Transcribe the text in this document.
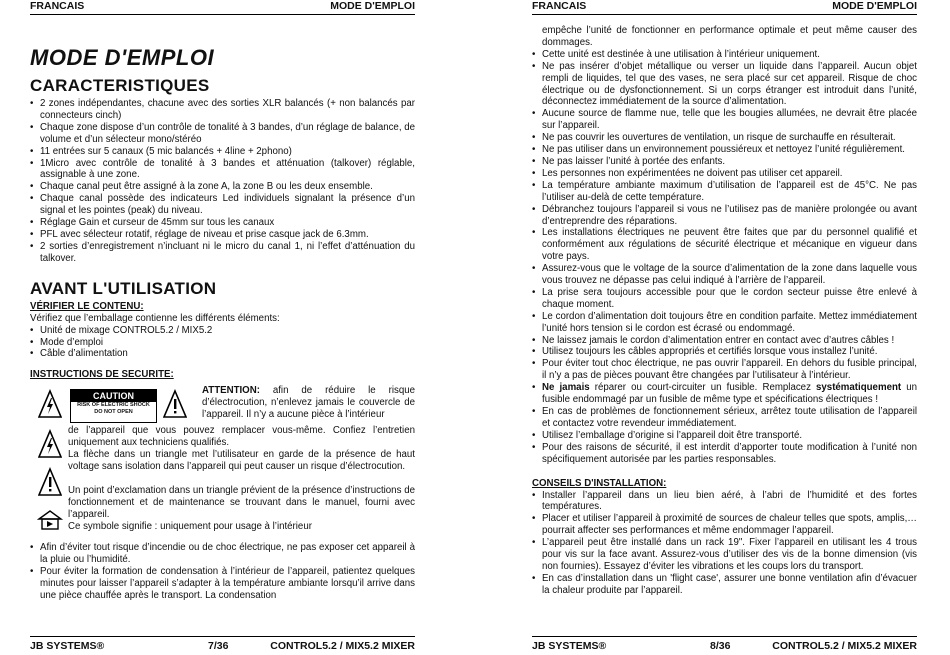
FRANCAIS	MODE D'EMPLOI
MODE D'EMPLOI
CARACTERISTIQUES
• 2 zones indépendantes, chacune avec des sorties XLR balancés (+ non balancés par connecteurs cinch)
• Chaque zone dispose d’un contrôle de tonalité à 3 bandes, d’un réglage de balance, de volume et d’un sélecteur mono/stéréo
• 11 entrées sur 5 canaux (5 mic balancés + 4line + 2phono)
• 1Micro avec contrôle de tonalité à 3 bandes et atténuation (talkover) réglable, assignable à une zone.
• Chaque canal peut être assigné à la zone A, la zone B ou les deux ensemble.
• Chaque canal possède des indicateurs Led individuels signalant la présence d’un signal et les pointes (peak) du niveau.
• Réglage Gain et curseur de 45mm sur tous les canaux
• PFL avec sélecteur rotatif, réglage de niveau et prise casque jack de 6.3mm.
• 2 sorties d’enregistrement n’incluant ni le micro du canal 1, ni l’effet d’atténuation du talkover.
AVANT L'UTILISATION
VÉRIFIER LE CONTENU:

Vérifiez que l’emballage contienne les différents éléments:

• Unité de mixage CONTROL5.2 / MIX5.2
• Mode d’emploi
• Câble d’alimentation
INSTRUCTIONS DE SECURITE:
CAUTION
RISK OF ELECTRIC SHOCK
DO NOT OPEN
ATTENTION: afin de réduire le risque d’électrocution, n’enlevez jamais le couvercle de l’appareil. Il n’y a aucune pièce à l’intérieur
de l’appareil que vous pouvez remplacer vous-même. Confiez l’entretien uniquement aux techniciens qualifiés.
La flèche dans un triangle met l’utilisateur en garde de la présence de haut voltage sans isolation dans l’appareil qui peut causer un risque d’électrocution.
Un point d’exclamation dans un triangle prévient de la présence d’instructions de fonctionnement et de maintenance se trouvant dans le manuel, fourni avec l’appareil.
Ce symbole signifie : uniquement pour usage à l’intérieur
• Afin d’éviter tout risque d’incendie ou de choc électrique, ne pas exposer cet appareil à la pluie ou l’humidité.
• Pour éviter la formation de condensation à l’intérieur de l’appareil, patientez quelques minutes pour laisser l’appareil s’adapter à la température ambiante lorsqu’il arrive dans une pièce chauffée après le transport. La condensation
JB SYSTEMS®	7/36	CONTROL5.2 / MIX5.2 MIXER
FRANCAIS	MODE D'EMPLOI

empêche l’unité de fonctionner en performance optimale et peut même causer des dommages.

• Cette unité est destinée à une utilisation à l’intérieur uniquement.
• Ne pas insérer d’objet métallique ou verser un liquide dans l’appareil. Aucun objet rempli de liquides, tel que des vases, ne sera placé sur cet appareil. Risque de choc électrique ou de dysfonctionnement. Si un corps étranger est introduit dans l’unité, déconnectez immédiatement de la source d’alimentation.
• Aucune source de flamme nue, telle que les bougies allumées, ne devrait être placée sur l’appareil.
• Ne pas couvrir les ouvertures de ventilation, un risque de surchauffe en résulterait.
• Ne pas utiliser dans un environnement poussiéreux et nettoyez l’unité régulièrement.
• Ne pas laisser l’unité à portée des enfants.
• Les personnes non expérimentées ne doivent pas utiliser cet appareil.
• La température ambiante maximum d’utilisation de l’appareil est de 45°C. Ne pas l’utiliser au-delà de cette température.
• Débranchez toujours l’appareil si vous ne l’utilisez pas de manière prolongée ou avant d’entreprendre des réparations.
• Les installations électriques ne peuvent être faites que par du personnel qualifié et conformément aux régulations de sécurité électrique et mécanique en vigueur dans votre pays.
• Assurez-vous que le voltage de la source d’alimentation de la zone dans laquelle vous vous trouvez ne dépasse pas celui indiqué à l’arrière de l’appareil.
• La prise sera toujours accessible pour que le cordon secteur puisse être enlevé à chaque moment.
• Le cordon d’alimentation doit toujours être en condition parfaite. Mettez immédiatement l’unité hors tension si le cordon est écrasé ou endommagé.
• Ne laissez jamais le cordon d’alimentation entrer en contact avec d’autres câbles !
• Utilisez toujours les câbles appropriés et certifiés lorsque vous installez l’unité.
• Pour éviter tout choc électrique, ne pas ouvrir l’appareil. En dehors du fusible principal, il n’y a pas de pièces pouvant être changées par l’utilisateur à l’intérieur.
• Ne jamais réparer ou court-circuiter un fusible. Remplacez systématiquement un fusible endommagé par un fusible de même type et spécifications électriques !
• En cas de problèmes de fonctionnement sérieux, arrêtez toute utilisation de l’appareil et contactez votre revendeur immédiatement.
• Utilisez l’emballage d’origine si l’appareil doit être transporté.
• Pour des raisons de sécurité, il est interdit d’apporter toute modification à l’unité non spécifiquement autorisée par les parties responsables.
CONSEILS D'INSTALLATION:
• Installer l’appareil dans un lieu bien aéré, à l’abri de l’humidité et des fortes températures.
• Placer et utiliser l’appareil à proximité de sources de chaleur telles que spots, amplis,… pourrait affecter ses performances et même endommager l’appareil.
• L’appareil peut être installé dans un rack 19". Fixer l’appareil en utilisant les 4 trous pour vis sur la face avant. Assurez-vous d’utiliser des vis de la bonne dimension (vis non fournies). Essayez d’éviter les vibrations et les coups lors du transport.
• En cas d’installation dans un 'flight case', assurer une bonne ventilation afin d’évacuer la chaleur produite par l’appareil.
JB SYSTEMS®	8/36	CONTROL5.2 / MIX5.2 MIXER
